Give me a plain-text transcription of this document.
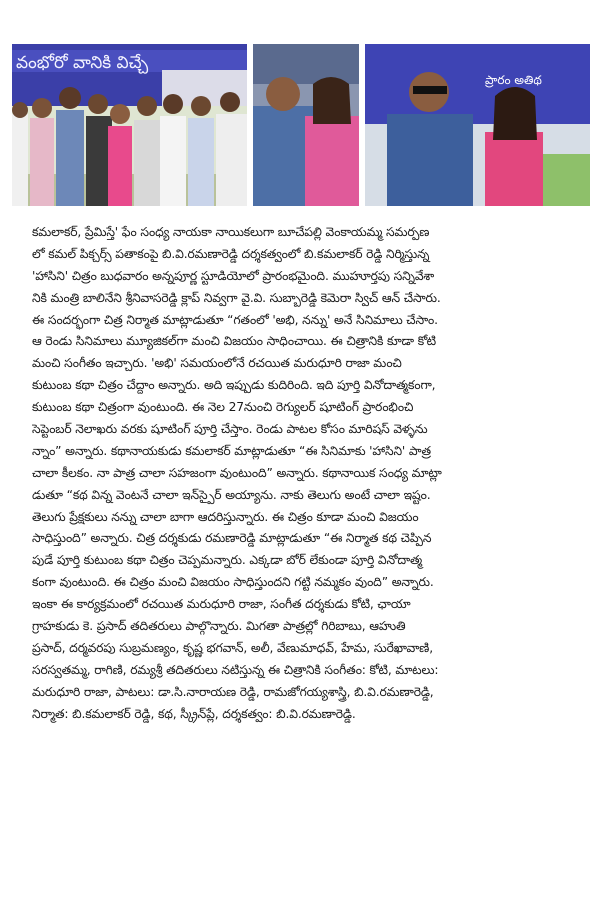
వంభోరో వానికి విచ్చే
ప్రారం అతిథ
కమలాకర్, ప్రేమిస్తే' ఫేం సంధ్య నాయకా నాయికలుగా బూచేపల్లి వెంకాయమ్మ సమర్పణ
లో కమల్ పిక్చర్స్ పతాకంపై బి.వి.రమణారెడ్డి దర్శకత్వంలో బి.కమలాకర్ రెడ్డి నిర్మిస్తున్న
'హాసిని' చిత్రం బుధవారం అన్నపూర్ణ స్టూడియోలో ప్రారంభమైంది. ముహూర్తపు సన్నివేశా
నికి మంత్రి బాలినేని శ్రీనివాసరెడ్డి క్లాప్ నివ్వగా వై.వి. సుబ్బారెడ్డి కెమెరా స్విచ్ ఆన్ చేసారు.
ఈ సందర్భంగా చిత్ర నిర్మాత మాట్లాడుతూ “గతంలో 'అభి, నన్ను' అనే సినిమాలు చేసాం.
ఆ రెండు సినిమాలు మ్యూజికల్‌గా మంచి విజయం సాధించాయి. ఈ చిత్రానికి కూడా కోటి
మంచి సంగీతం ఇచ్చారు. 'అభి' సమయంలోనే రచయిత మరుధూరి రాజా మంచి
కుటుంబ కథా చిత్రం చేద్దాం అన్నారు. అది ఇప్పుడు కుదిరింది. ఇది పూర్తి వినోదాత్మకంగా,
కుటుంబ కథా చిత్రంగా వుంటుంది. ఈ నెల 27నుంచి రెగ్యులర్ షూటింగ్ ప్రారంభించి
సెప్టెంబర్ నెలాఖరు వరకు షూటింగ్ పూర్తి చేస్తాం. రెండు పాటల కోసం మారిషస్ వెళ్ళను
న్నాం” అన్నారు. కథానాయకుడు కమలాకర్ మాట్లాడుతూ “ఈ సినిమాకు 'హాసిని' పాత్ర
చాలా కీలకం. నా పాత్ర చాలా సహజంగా వుంటుంది” అన్నారు. కథానాయిక సంధ్య మాట్లా
డుతూ “కథ విన్న వెంటనే చాలా ఇన్‌స్పైర్ అయ్యాను. నాకు తెలుగు అంటే చాలా ఇష్టం.
తెలుగు ప్రేక్షకులు నన్ను చాలా బాగా ఆదరిస్తున్నారు. ఈ చిత్రం కూడా మంచి విజయం
సాధిస్తుంది” అన్నారు. చిత్ర దర్శకుడు రమణారెడ్డి మాట్లాడుతూ “ఈ నిర్మాత కథ చెప్పిన
పుడే పూర్తి కుటుంబ కథా చిత్రం చెప్పమన్నారు. ఎక్కడా బోర్ లేకుండా పూర్తి వినోదాత్మ
కంగా వుంటుంది. ఈ చిత్రం మంచి విజయం సాధిస్తుందని గట్టి నమ్మకం వుంది” అన్నారు.
ఇంకా ఈ కార్యక్రమంలో రచయిత మరుధూరి రాజా, సంగీత దర్శకుడు కోటి, ఛాయా
గ్రాహకుడు కె. ప్రసాద్ తదితరులు పాల్గొన్నారు. మిగతా పాత్రల్లో గిరిబాబు, ఆహుతి
ప్రసాద్, దర్మవరపు సుబ్రమణ్యం, కృష్ణ భగవాన్, అలీ, వేణుమాధవ్, హేమ, సురేఖావాణి,
సరస్వతమ్మ, రాగిణి, రమ్యశ్రీ తదితరులు నటిస్తున్న ఈ చిత్రానికి సంగీతం: కోటి, మాటలు:
మరుధూరి రాజా, పాటలు: డా.సి.నారాయణ రెడ్డి, రామజోగయ్యశాస్త్రి, బి.వి.రమణారెడ్డి,
నిర్మాత: బి.కమలాకర్ రెడ్డి, కథ, స్క్రీన్‌ప్లే, దర్శకత్వం: బి.వి.రమణారెడ్డి.
